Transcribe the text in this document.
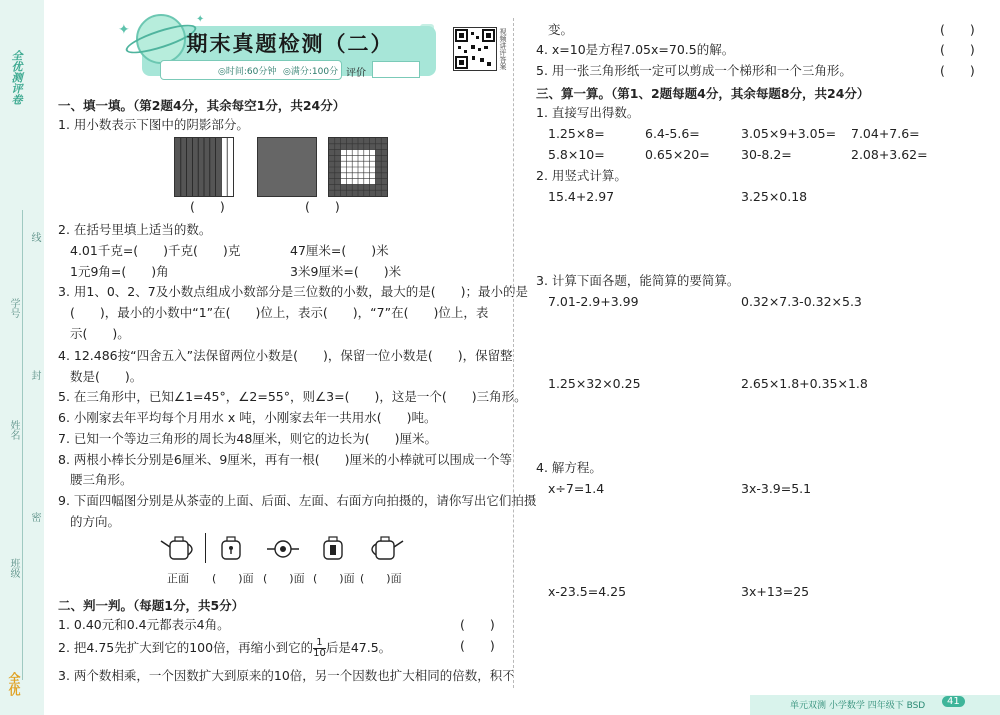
全优测评卷
线
学号
封
姓名
密
班级
全优
✦
✦
期末真题检测（二）
◎时间:60分钟 ◎满分:100分 评价
视频讲评答案
一、填一填。（第2题4分，其余每空1分，共24分）
1. 用小数表示下图中的阴影部分。
(　　)	(　　)
2. 在括号里填上适当的数。
4.01千克=(　　)千克(　　)克	47厘米=(　　)米
1元9角=(　　)角	3米9厘米=(　　)米
3. 用1、0、2、7及小数点组成小数部分是三位数的小数，最大的是(　　)；最小的是
(　　)，最小的小数中“1”在(　　)位上，表示(　　)，“7”在(　　)位上，表
示(　　)。
4. 12.486按“四舍五入”法保留两位小数是(　　)，保留一位小数是(　　)，保留整
数是(　　)。
5. 在三角形中，已知∠1=45°，∠2=55°，则∠3=(　　)，这是一个(　　)三角形。
6. 小刚家去年平均每个月用水 x 吨，小刚家去年一共用水(　　)吨。
7. 已知一个等边三角形的周长为48厘米，则它的边长为(　　)厘米。
8. 两根小棒长分别是6厘米、9厘米，再有一根(　　)厘米的小棒就可以围成一个等
腰三角形。
9. 下面四幅图分别是从茶壶的上面、后面、左面、右面方向拍摄的，请你写出它们拍摄
的方向。
正面 (　　)面 (　　)面 (　　)面 (　　)面
二、判一判。（每题1分，共5分）
1. 0.40元和0.4元都表示4角。	(　　)
2. 把4.75先扩大到它的100倍，再缩小到它的 $\frac{1}{10}$ 后是47.5。	(　　)
3. 两个数相乘，一个因数扩大到原来的10倍，另一个因数也扩大相同的倍数，积不
变。	(　　)
4. x=10是方程7.05x=70.5的解。	(　　)
5. 用一张三角形纸一定可以剪成一个梯形和一个三角形。	(　　)
三、算一算。（第1、2题每题4分，其余每题8分，共24分）
1. 直接写出得数。
1.25×8=	6.4-5.6=	3.05×9+3.05= 7.04+7.6=
5.8×10=	0.65×20=	30-8.2=	2.08+3.62=
2. 用竖式计算。
15.4+2.97	3.25×0.18
3. 计算下面各题，能简算的要简算。
7.01-2.9+3.99	0.32×7.3-0.32×5.3
1.25×32×0.25	2.65×1.8+0.35×1.8
4. 解方程。
x÷7=1.4	3x-3.9=5.1
x-23.5=4.25	3x+13=25
单元双测 小学数学 四年级下 BSD	41
